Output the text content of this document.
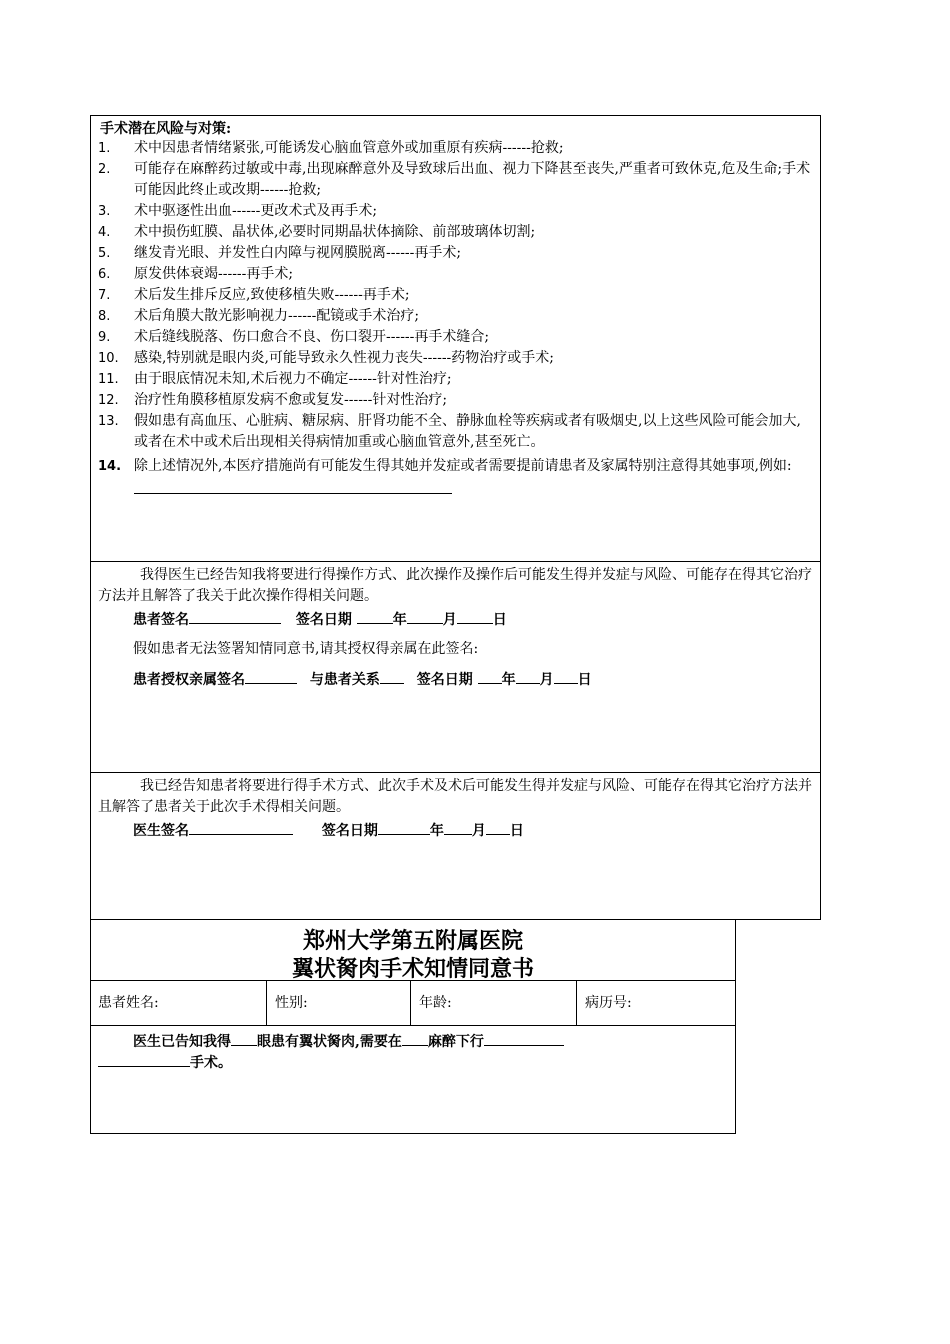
手术潜在风险与对策:
1.	术中因患者情绪紧张,可能诱发心脑血管意外或加重原有疾病------抢救;
2.	可能存在麻醉药过敏或中毒,出现麻醉意外及导致球后出血、视力下降甚至丧失,严重者可致休克,危及生命;手术可能因此终止或改期------抢救;
3.	术中驱逐性出血------更改术式及再手术;
4.	术中损伤虹膜、晶状体,必要时同期晶状体摘除、前部玻璃体切割;
5.	继发青光眼、并发性白内障与视网膜脱离------再手术;
6.	原发供体衰竭------再手术;
7.	术后发生排斥反应,致使移植失败------再手术;
8.	术后角膜大散光影响视力------配镜或手术治疗;
9.	术后缝线脱落、伤口愈合不良、伤口裂开------再手术缝合;
10.	感染,特别就是眼内炎,可能导致永久性视力丧失------药物治疗或手术;
11.	由于眼底情况未知,术后视力不确定------针对性治疗;
12.	治疗性角膜移植原发病不愈或复发------针对性治疗;
13.	假如患有高血压、心脏病、糖尿病、肝肾功能不全、静脉血栓等疾病或者有吸烟史,以上这些风险可能会加大,或者在术中或术后出现相关得病情加重或心脑血管意外,甚至死亡。
14. 除上述情况外,本医疗措施尚有可能发生得其她并发症或者需要提前请患者及家属特别注意得其她事项,例如:
我得医生已经告知我将要进行得操作方式、此次操作及操作后可能发生得并发症与风险、可能存在得其它治疗方法并且解答了我关于此次操作得相关问题。
患者签名	签名日期	年	月	日
假如患者无法签署知情同意书,请其授权得亲属在此签名:
患者授权亲属签名	与患者关系	签名日期 年 月 日
我已经告知患者将要进行得手术方式、此次手术及术后可能发生得并发症与风险、可能存在得其它治疗方法并且解答了患者关于此次手术得相关问题。
医生签名	签名日期	年 月 日
郑州大学第五附属医院
翼状胬肉手术知情同意书
患者姓名:	性别:	年龄:	病历号:
医生已告知我得 眼患有翼状胬肉,需要在 麻醉下行
手术。
